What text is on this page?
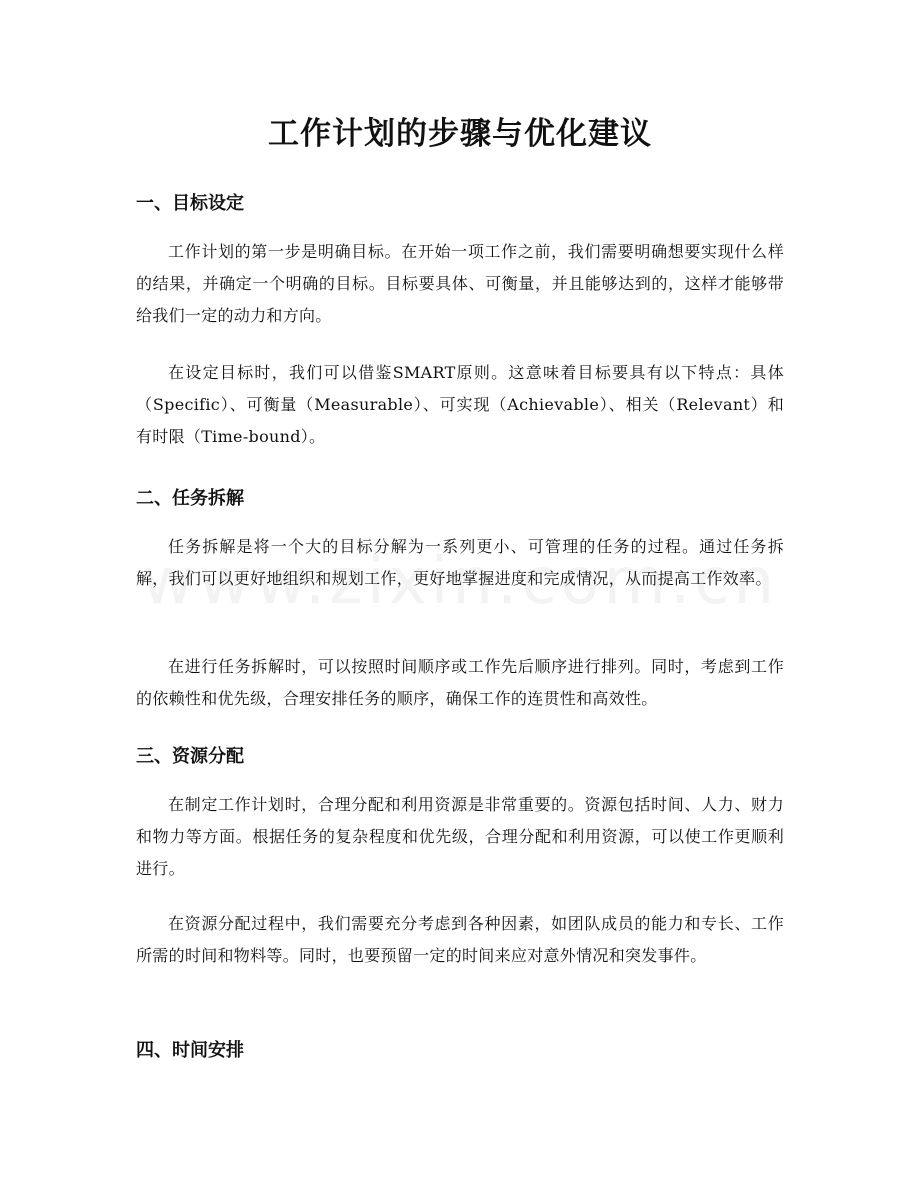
工作计划的步骤与优化建议
一、目标设定

工作计划的第一步是明确目标。在开始一项工作之前，我们需要明确想要实现什么样的结果，并确定一个明确的目标。目标要具体、可衡量，并且能够达到的，这样才能够带给我们一定的动力和方向。

在设定目标时，我们可以借鉴SMART原则。这意味着目标要具有以下特点：具体（Specific）、可衡量（Measurable）、可实现（Achievable）、相关（Relevant）和有时限（Time-bound）。

二、任务拆解

任务拆解是将一个大的目标分解为一系列更小、可管理的任务的过程。通过任务拆解，我们可以更好地组织和规划工作，更好地掌握进度和完成情况，从而提高工作效率。

在进行任务拆解时，可以按照时间顺序或工作先后顺序进行排列。同时，考虑到工作的依赖性和优先级，合理安排任务的顺序，确保工作的连贯性和高效性。

三、资源分配

在制定工作计划时，合理分配和利用资源是非常重要的。资源包括时间、人力、财力和物力等方面。根据任务的复杂程度和优先级，合理分配和利用资源，可以使工作更顺利进行。

在资源分配过程中，我们需要充分考虑到各种因素，如团队成员的能力和专长、工作所需的时间和物料等。同时，也要预留一定的时间来应对意外情况和突发事件。

四、时间安排
